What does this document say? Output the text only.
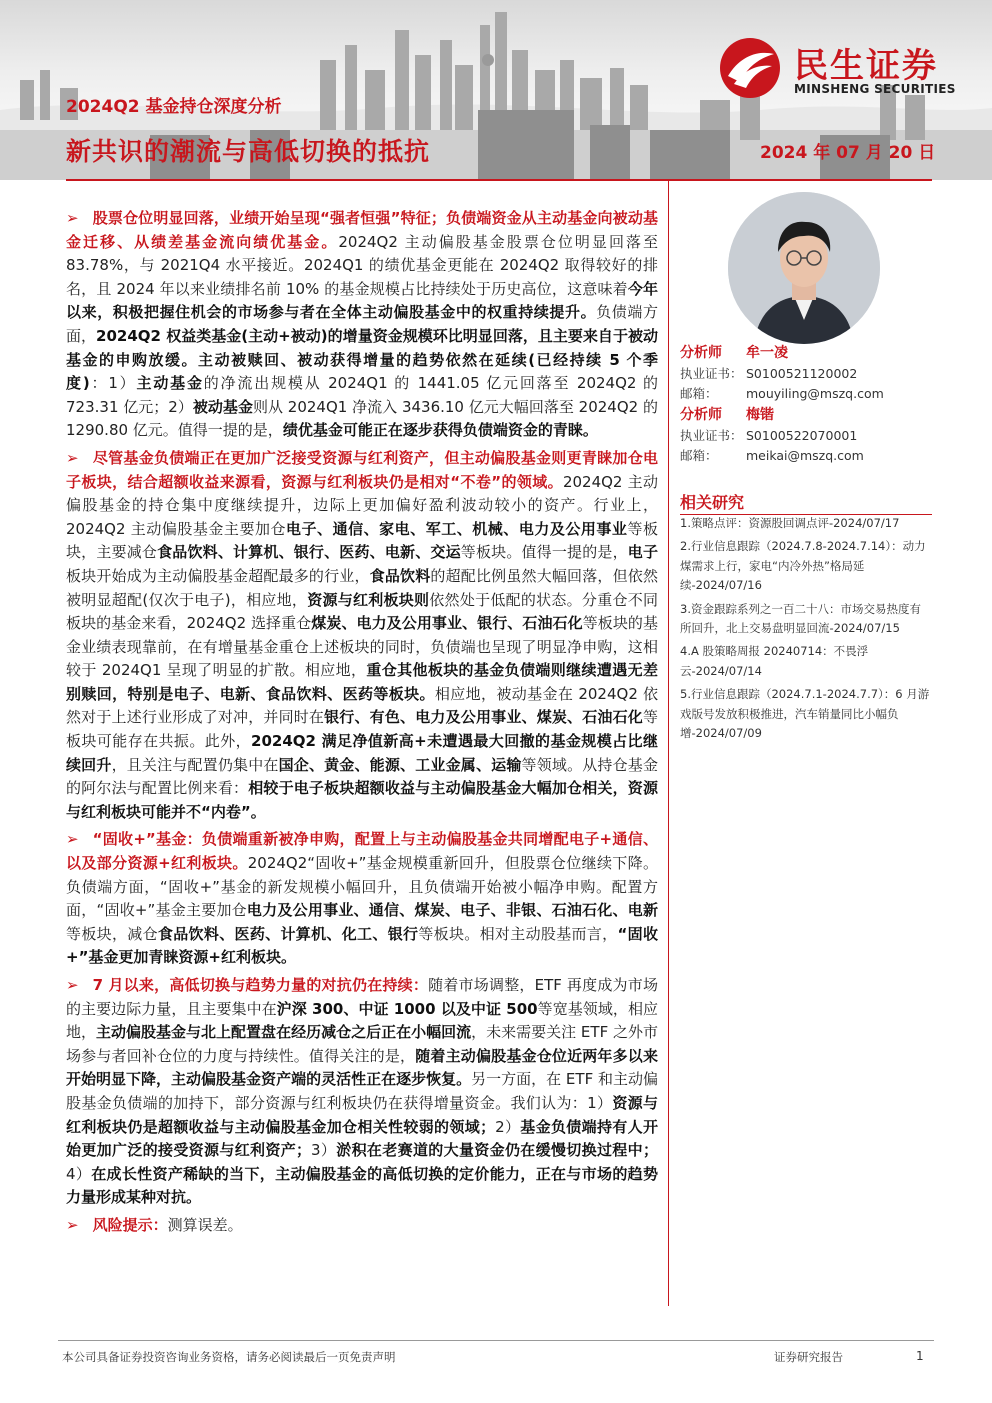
民生证券
MINSHENG SECURITIES
2024Q2 基金持仓深度分析
新共识的潮流与高低切换的抵抗	2024 年 07 月 20 日

➢ 股票仓位明显回落，业绩开始呈现“强者恒强”特征；负债端资金从主动基金向被动基金迁移、从绩差基金流向绩优基金。2024Q2 主动偏股基金股票仓位明显回落至 83.78%，与 2021Q4 水平接近。2024Q1 的绩优基金更能在 2024Q2 取得较好的排名，且 2024 年以来业绩排名前 10% 的基金规模占比持续处于历史高位，这意味着今年以来，积极把握住机会的市场参与者在全体主动偏股基金中的权重持续提升。负债端方面，2024Q2 权益类基金(主动+被动)的增量资金规模环比明显回落，且主要来自于被动基金的申购放缓。主动被赎回、被动获得增量的趋势依然在延续(已经持续 5 个季度)：1）主动基金的净流出规模从 2024Q1 的 1441.05 亿元回落至 2024Q2 的 723.31 亿元；2）被动基金则从 2024Q1 净流入 3436.10 亿元大幅回落至 2024Q2 的 1290.80 亿元。值得一提的是，绩优基金可能正在逐步获得负债端资金的青睐。

➢ 尽管基金负债端正在更加广泛接受资源与红利资产，但主动偏股基金则更青睐加仓电子板块，结合超额收益来源看，资源与红利板块仍是相对“不卷”的领域。2024Q2 主动偏股基金的持仓集中度继续提升，边际上更加偏好盈利波动较小的资产。行业上，2024Q2 主动偏股基金主要加仓电子、通信、家电、军工、机械、电力及公用事业等板块，主要减仓食品饮料、计算机、银行、医药、电新、交运等板块。值得一提的是，电子板块开始成为主动偏股基金超配最多的行业，食品饮料的超配比例虽然大幅回落，但依然被明显超配(仅次于电子)，相应地，资源与红利板块则依然处于低配的状态。分重仓不同板块的基金来看，2024Q2 选择重仓煤炭、电力及公用事业、银行、石油石化等板块的基金业绩表现靠前，在有增量基金重仓上述板块的同时，负债端也呈现了明显净申购，这相较于 2024Q1 呈现了明显的扩散。相应地，重仓其他板块的基金负债端则继续遭遇无差别赎回，特别是电子、电新、食品饮料、医药等板块。相应地，被动基金在 2024Q2 依然对于上述行业形成了对冲，并同时在银行、有色、电力及公用事业、煤炭、石油石化等板块可能存在共振。此外，2024Q2 满足净值新高+未遭遇最大回撤的基金规模占比继续回升，且关注与配置仍集中在国企、黄金、能源、工业金属、运输等领域。从持仓基金的阿尔法与配置比例来看：相较于电子板块超额收益与主动偏股基金大幅加仓相关，资源与红利板块可能并不“内卷”。

➢ “固收+”基金：负债端重新被净申购，配置上与主动偏股基金共同增配电子+通信、以及部分资源+红利板块。2024Q2“固收+”基金规模重新回升，但股票仓位继续下降。负债端方面，“固收+”基金的新发规模小幅回升，且负债端开始被小幅净申购。配置方面，“固收+”基金主要加仓电力及公用事业、通信、煤炭、电子、非银、石油石化、电新等板块，减仓食品饮料、医药、计算机、化工、银行等板块。相对主动股基而言，“固收+”基金更加青睐资源+红利板块。

➢ 7 月以来，高低切换与趋势力量的对抗仍在持续：随着市场调整，ETF 再度成为市场的主要边际力量，且主要集中在沪深 300、中证 1000 以及中证 500等宽基领域，相应地，主动偏股基金与北上配置盘在经历减仓之后正在小幅回流，未来需要关注 ETF 之外市场参与者回补仓位的力度与持续性。值得关注的是，随着主动偏股基金仓位近两年多以来开始明显下降，主动偏股基金资产端的灵活性正在逐步恢复。另一方面，在 ETF 和主动偏股基金负债端的加持下，部分资源与红利板块仍在获得增量资金。我们认为：1）资源与红利板块仍是超额收益与主动偏股基金加仓相关性较弱的领域；2）基金负债端持有人开始更加广泛的接受资源与红利资产；3）淤积在老赛道的大量资金仍在缓慢切换过程中；4）在成长性资产稀缺的当下，主动偏股基金的高低切换的定价能力，正在与市场的趋势力量形成某种对抗。

➢ 风险提示：测算误差。

分析师 牟一凌
执业证书： S0100521120002
邮箱： mouyiling@mszq.com
分析师 梅锴
执业证书： S0100522070001
邮箱： meikai@mszq.com
相关研究
1.策略点评：资源股回调点评-2024/07/17
2.行业信息跟踪（2024.7.8-2024.7.14）：动力煤需求上行，家电“内冷外热”格局延续-2024/07/16
3.资金跟踪系列之一百二十八：市场交易热度有所回升，北上交易盘明显回流-2024/07/15
4.A 股策略周报 20240714：不畏浮云-2024/07/14
5.行业信息跟踪（2024.7.1-2024.7.7）：6 月游戏版号发放积极推进，汽车销量同比小幅负增-2024/07/09
本公司具备证券投资咨询业务资格，请务必阅读最后一页免责声明	证券研究报告	1
